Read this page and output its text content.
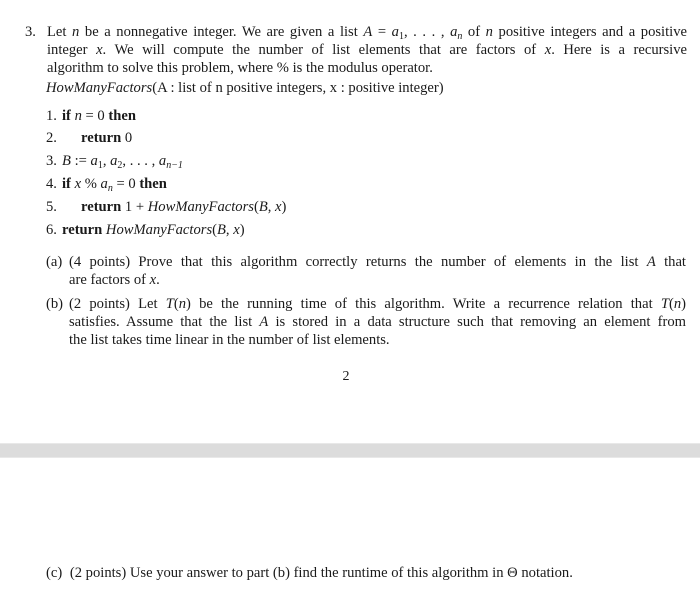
3. Let n be a nonnegative integer. We are given a list $A = a_1$, . . . , $a_n$ of n positive integers and a positive
integer x. We will compute the number of list elements that are factors of x. Here is a recursive
algorithm to solve this problem, where % is the modulus operator.
HowManyFactors(A : list of n positive integers, x : positive integer)
1. if n = 0 then
2. return 0
3. B := $a_1$, $a_2$, . . . , $a_{n-1}$
4. if x % $a_n = 0$ then
5. return 1 + HowManyFactors(B, x)
6. return HowManyFactors(B, x)
(a) (4 points) Prove that this algorithm correctly returns the number of elements in the list A that
are factors of x.
(b) (2 points) Let T(n) be the running time of this algorithm. Write a recurrence relation that T(n)
satisfies. Assume that the list A is stored in a data structure such that removing an element from
the list takes time linear in the number of list elements.
2
(c) (2 points) Use your answer to part (b) find the runtime of this algorithm in Θ notation.
